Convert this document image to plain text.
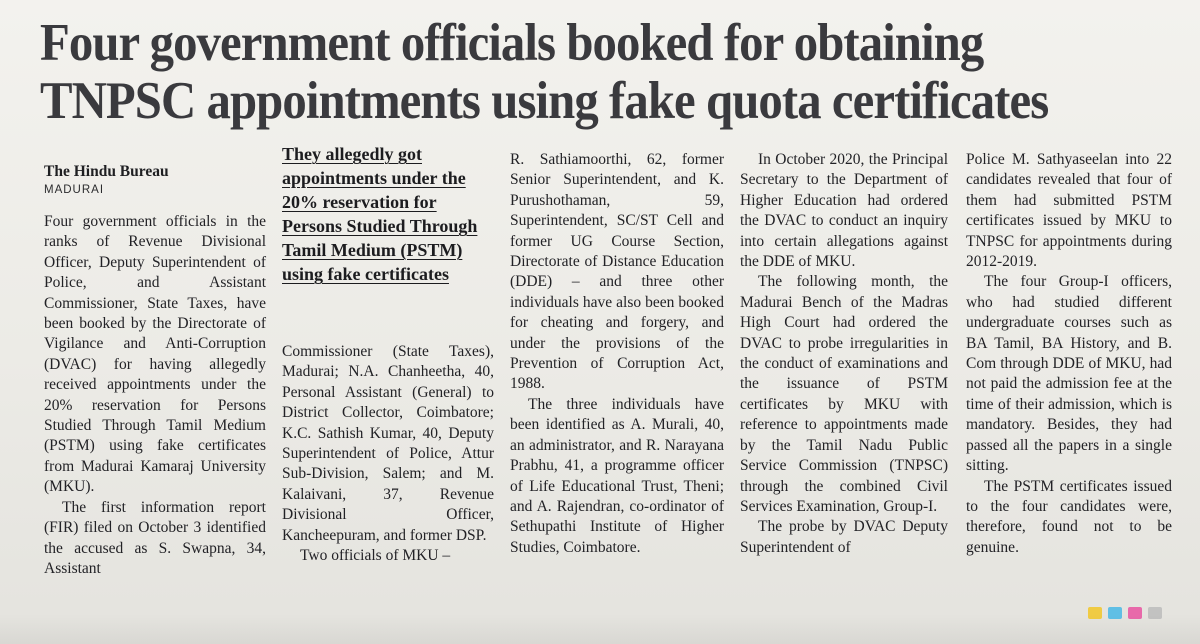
Four government officials booked for obtaining
TNPSC appointments using fake quota certificates
The Hindu Bureau
MADURAI

Four government officials in the ranks of Revenue Divisional Officer, Deputy Superintendent of Police, and Assistant Commissioner, State Taxes, have been booked by the Directorate of Vigilance and Anti-Corruption (DVAC) for having allegedly received appointments under the 20% reservation for Persons Studied Through Tamil Medium (PSTM) using fake certificates from Madurai Kamaraj University (MKU).

The first information report (FIR) filed on October 3 identified the accused as S. Swapna, 34, Assistant

They allegedly got appointments under the 20% reservation for Persons Studied Through Tamil Medium (PSTM) using fake certificates

Commissioner (State Taxes), Madurai; N.A. Chanheetha, 40, Personal Assistant (General) to District Collector, Coimbatore; K.C. Sathish Kumar, 40, Deputy Superintendent of Police, Attur Sub-Division, Salem; and M. Kalaivani, 37, Revenue Divisional Officer, Kancheepuram, and former DSP.

Two officials of MKU –

R. Sathiamoorthi, 62, former Senior Superintendent, and K. Purushothaman, 59, Superintendent, SC/ST Cell and former UG Course Section, Directorate of Distance Education (DDE) – and three other individuals have also been booked for cheating and forgery, and under the provisions of the Prevention of Corruption Act, 1988.

The three individuals have been identified as A. Murali, 40, an administrator, and R. Narayana Prabhu, 41, a programme officer of Life Educational Trust, Theni; and A. Rajendran, co-ordinator of Sethupathi Institute of Higher Studies, Coimbatore.

In October 2020, the Principal Secretary to the Department of Higher Education had ordered the DVAC to conduct an inquiry into certain allegations against the DDE of MKU.

The following month, the Madurai Bench of the Madras High Court had ordered the DVAC to probe irregularities in the conduct of examinations and the issuance of PSTM certificates by MKU with reference to appointments made by the Tamil Nadu Public Service Commission (TNPSC) through the combined Civil Services Examination, Group-I.

The probe by DVAC Deputy Superintendent of

Police M. Sathyaseelan into 22 candidates revealed that four of them had submitted PSTM certificates issued by MKU to TNPSC for appointments during 2012-2019.

The four Group-I officers, who had studied different undergraduate courses such as BA Tamil, BA History, and B. Com through DDE of MKU, had not paid the admission fee at the time of their admission, which is mandatory. Besides, they had passed all the papers in a single sitting.

The PSTM certificates issued to the four candidates were, therefore, found not to be genuine.
